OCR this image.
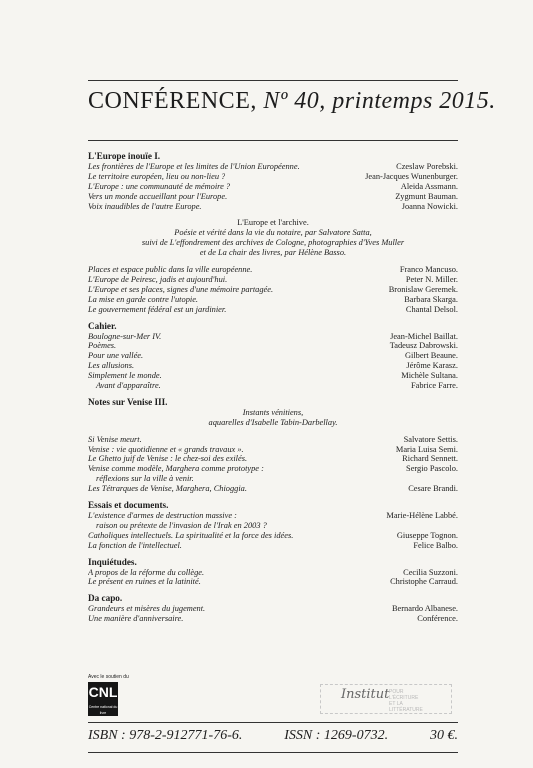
CONFÉRENCE, Nº 40, printemps 2015.
L'Europe inouïe I.
Les frontières de l'Europe et les limites de l'Union Européenne.	Czeslaw Porebski.
Le territoire européen, lieu ou non-lieu ?	Jean-Jacques Wunenburger.
L'Europe : une communauté de mémoire ?	Aleida Assmann.
Vers un monde accueillant pour l'Europe.	Zygmunt Bauman.
Voix inaudibles de l'autre Europe.	Joanna Nowicki.
L'Europe et l'archive.
Poésie et vérité dans la vie du notaire, par Salvatore Satta,
suivi de L'effondrement des archives de Cologne, photographies d'Yves Muller
et de La chair des livres, par Hélène Basso.
Places et espace public dans la ville européenne.	Franco Mancuso.
L'Europe de Peiresc, jadis et aujourd'hui.	Peter N. Miller.
L'Europe et ses places, signes d'une mémoire partagée.	Bronislaw Geremek.
La mise en garde contre l'utopie.	Barbara Skarga.
Le gouvernement fédéral est un jardinier.	Chantal Delsol.
Cahier.
Boulogne-sur-Mer IV.	Jean-Michel Baillat.
Poèmes.	Tadeusz Dabrowski.
Pour une vallée.	Gilbert Beaune.
Les allusions.	Jérôme Karasz.
Simplement le monde.	Michèle Sultana.
Avant d'apparaître.	Fabrice Farre.
Notes sur Venise III.
Instants vénitiens,
aquarelles d'Isabelle Tabin-Darbellay.
Si Venise meurt.	Salvatore Settis.
Venise : vie quotidienne et « grands travaux ».	Maria Luisa Semi.
Le Ghetto juif de Venise : le chez-soi des exilés.	Richard Sennett.
Venise comme modèle, Marghera comme prototype :	Sergio Pascolo.
réflexions sur la ville à venir.
Les Tétrarques de Venise, Marghera, Chioggia.	Cesare Brandi.
Essais et documents.
L'existence d'armes de destruction massive :	Marie-Hélène Labbé.
raison ou prétexte de l'invasion de l'Irak en 2003 ?
Catholiques intellectuels. La spiritualité et la force des idées.	Giuseppe Tognon.
La fonction de l'intellectuel.	Felice Balbo.
Inquiétudes.
A propos de la réforme du collège.	Cecilia Suzzoni.
Le présent en ruines et la latinité.	Christophe Carraud.
Da capo.
Grandeurs et misères du jugement.	Bernardo Albanese.
Une manière d'anniversaire.	Conférence.
Avec le soutien du
CNL
Centre national du livre
Institut POUR
L'ÉCRITURE
ET LA
LITTÉRATURE
ISBN : 978-2-912771-76-6.	ISSN : 1269-0732.	30 €.
